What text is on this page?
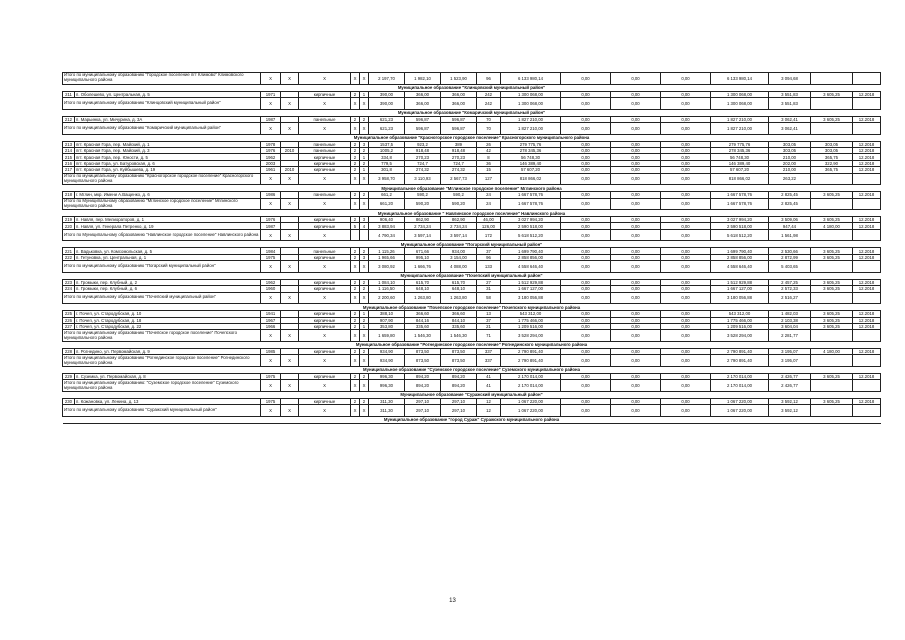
Итого по муниципальному образованию "Городское поселение пгт Климово" Климовского муниципального района		X	X	X	X	X	2 197,70	1 982,10	1 523,90	96	6 133 980,14	0,00	0,00	0,00	6 133 980,14	3 094,68		
Муниципальное образование "Клинцовский муниципальный район"																		
211	п. Оболешево, ул. Центральная, д. 5	1971		кирпичные	2	1	390,00	366,00	366,00	242	1 300 068,00	0,00	0,00	0,00	1 300 068,00	3 551,83	3 605,25	12.2018
Итого по муниципальному образованию "Клинцовский муниципальный район"		X	X	X	X	X	390,00	366,00	366,00	242	1 300 068,00	0,00	0,00	0,00	1 300 068,00	3 551,83		
Муниципальное образование "Комаричский муниципальный район"																		
212	п. Марьинка, ул. Мичурина, д. 3А	1987		панельные	2	2	621,23	596,87	596,87	70	1 827 210,00	0,00	0,00	0,00	1 827 210,00	3 062,41	3 605,25	12.2018
Итого по муниципальному образованию "Комаричский муниципальный район"		X	X	X	X	X	621,23	596,87	596,87	70	1 827 210,00	0,00	0,00	0,00	1 827 210,00	3 062,41		
Муниципальное образование "Красногорское городское поселение" Красногорского муниципального района																		
213	пгт. Красная Гора, пер. Майский, д. 1	1978		панельные	2	3	1537,5	923,2	389	26	279 775,76	0,00	0,00	0,00	279 775,76	303,05	303,05	12.2018
214	пгт. Красная Гора, пер. Майский, д. 3	1976	2010	панельные	2	2	1005,2	918,48	918,48	42	278 345,36	0,00	0,00	0,00	278 345,36	303,05	303,05	12.2018
215	пгт. Красная Гора, пер. Юности, д. 5	1962		кирпичные	2	1	334,8	270,23	270,23	8	56 748,30	0,00	0,00	0,00	56 748,30	210,00	365,75	12.2018
216	пгт. Красная Гора, ул. Батуровская, д. 6	2003		кирпичные	2	2	779,5	724,7	724,7	36	146 389,40	0,00	0,00	0,00	146 389,40	202,00	322,90	12.2018
217	пгт. Красная Гора, ул. Куйбышева, д. 19	1961	2010	кирпичные	2	1	301,8	274,32	274,32	15	57 607,20	0,00	0,00	0,00	57 607,20	210,00	365,75	12.2018
Итого по муниципальному образованию "Красногорское городское поселение" Красногорского муниципального района		X	X	X	X	X	3 958,70	3 110,93	2 567,73	127	818 866,02	0,00	0,00	0,00	818 866,02	263,22		
Муниципальное образование "Мглинское городское поселение" Мглинского района																		
218	г. Мглин, мкр. Имени А.Ващенко, д. 6	1986		панельные	2	2	661,2	590,2	590,2	24	1 667 578,76	0,00	0,00	0,00	1 667 578,76	2 825,45	3 605,25	12.2018
Итого по Муниципальному образованию "Мглинское городское поселение" Мглинского муниципального района		X	X	X	X	X	661,20	590,20	590,20	24	1 667 578,76	0,00	0,00	0,00	1 667 578,76	2 825,45		
Муниципальное образование " Навлинское городское поселение" Навлинского района																		
219	п. Навля, пер. Мелиораторов, д. 1	1976		кирпичные	2	3	906,40	862,90	862,90	46,00	3 027 994,20	0,00	0,00	0,00	3 027 994,20	3 509,06	3 605,25	12.2018
220	п. Навля, ул. Генерала Петренко, д. 19	1987		кирпичные	5	4	3 883,94	2 734,24	2 734,24	126,00	2 590 518,00	0,00	0,00	0,00	2 590 518,00	947,44	4 180,00	12.2018
Итого по Муниципальному образованию "Навлинское городское поселение" Навлинского района		X	X	X			4 790,34	3 597,14	3 597,14	172	5 618 512,20	0,00	0,00	0,00	5 618 512,20	1 561,98		
Муниципальное образование "Погарский муниципальный район"																		
221	п. Вадьковка, ул. Комсомольская, д. 5	1984		панельные	2	2	1 115,26	671,66	934,00	37	1 699 790,40	0,00	0,00	0,00	1 699 790,40	2 530,66	3 605,25	12.2018
222	п. Гетуновка, ул. Центральная, д. 1	1975		кирпичные	2	3	1 965,66	995,10	3 154,00	96	2 858 856,00	0,00	0,00	0,00	2 858 856,00	2 872,99	3 605,25	12.2018
Итого по муниципальному образованию "Погарский муниципальный район"		X	X	X	X	X	3 080,92	1 666,76	4 088,00	133	4 558 646,40	0,00	0,00	0,00	4 558 646,40	5 403,65		
Муниципальное образование "Почепский муниципальный район"																		
223	п. Громыки, пер. Клубный, д. 2	1962		кирпичные	2	2	1 084,10	615,70	615,70	27	1 512 929,88	0,00	0,00	0,00	1 512 929,88	2 457,25	3 605,25	12.2018
224	п. Громыки, пер. Клубный, д. 6	1960		кирпичные	2	2	1 116,50	648,10	648,10	31	1 667 127,00	0,00	0,00	0,00	1 667 127,00	2 572,33	3 605,25	12.2018
Итого по муниципальному образованию "Почепский муниципальный район"		X	X	X	X	X	2 200,60	1 263,80	1 263,80	58	3 180 056,88	0,00	0,00	0,00	3 180 056,88	2 516,27		
Муниципальное образование "Почепское городское поселение" Почепского муниципального района																		
225	г. Почеп, ул. Стародубская, д. 10	1941		кирпичные	2	1	388,10	366,60	366,60	13	543 312,00	0,00	0,00	0,00	543 312,00	1 482,03	3 605,25	12.2018
226	г. Почеп, ул. Стародубская, д. 18	1967		кирпичные	2	2	907,90	844,16	844,10	37	1 775 466,00	0,00	0,00	0,00	1 775 466,00	2 103,38	3 605,25	12.2018
227	г. Почеп, ул. Стародубская, д. 22	1966		кирпичные	2	1	353,80	335,60	335,60	21	1 209 516,00	0,00	0,00	0,00	1 209 516,00	3 604,04	3 605,25	12.2018
Итого по муниципальному образованию "Почепское городское поселение" Почепского муниципального района		X	X	X	X	X	1 659,80	1 546,30	1 546,30	71	3 528 294,00	0,00	0,00	0,00	3 528 294,00	2 281,77		
Муниципальное образование "Рогнединское городское поселение" Рогнединского муниципального района																		
228	п. Рогнедино, ул. Первомайская, д. 9	1985		кирпичные	2	2	934,90	873,50	873,50	337	2 790 891,40	0,00	0,00	0,00	2 790 891,40	3 195,07	4 180,00	12.2018
Итого по муниципальному образованию "Рогнединское городское поселение" Рогнединского муниципального района		X	X	X	X	X	934,90	873,50	873,50	337	2 790 891,40	0,00	0,00	0,00	2 790 891,40	3 195,07		
Муниципальное образование "Суземское городское поселение" Суземского муниципального района																		
229	п. Суземка, ул. Первомайская, д. 8	1975		кирпичные	2	2	996,30	894,20	894,20	41	2 170 014,00	0,00	0,00	0,00	2 170 014,00	2 426,77	3 605,25	12.2018
Итого по муниципальному образованию: "Суземское городское поселение" Суземского муниципального района		X	X	X	X	X	996,30	894,20	894,20	41	2 170 014,00	0,00	0,00	0,00	2 170 014,00	2 426,77		
Муниципальное образование "Суражский муниципальный район"																		
230	п. Кожановка, ул. Ленина, д. 13	1975		кирпичные	2	2	311,30	297,10	297,10	12	1 067 220,00	0,00	0,00	0,00	1 067 220,00	3 592,12	3 605,25	12.2018
Итого по муниципальному образованию "Суражский муниципальный район"		X	X	X	X	X	311,30	297,10	297,10	12	1 067 220,00	0,00	0,00	0,00	1 067 220,00	3 592,12		
Муниципальное образование "город Сураж" Суражского муниципального района																		
13
